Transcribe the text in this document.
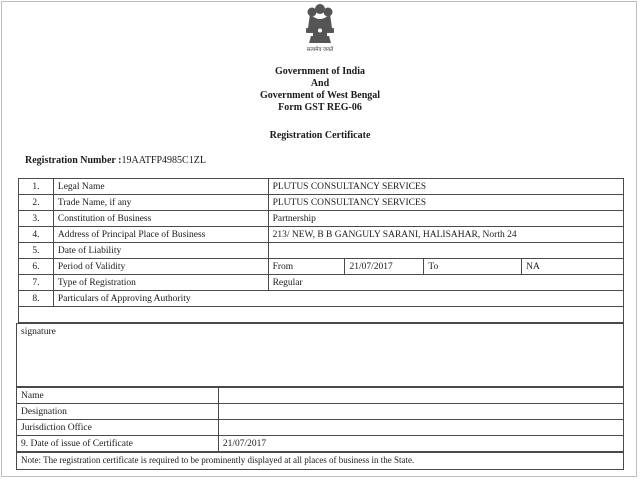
सत्यमेव जयते
Government of India
And
Government of West Bengal
Form GST REG-06
Registration Certificate
Registration Number :19AATFP4985C1ZL
1.	Legal Name	PLUTUS CONSULTANCY SERVICES			
2.	Trade Name, if any	PLUTUS CONSULTANCY SERVICES			
3.	Constitution of Business	Partnership			
4.	Address of Principal Place of Business	213/ NEW, B B GANGULY SARANI, HALISAHAR, North 24			
5.	Date of Liability				
6.	Period of Validity	From	21/07/2017	To	NA
7.	Type of Registration	Regular			
8.	Particulars of Approving Authority				

signature
Name	
Designation	
Jurisdiction Office	
9. Date of issue of Certificate	21/07/2017
Note: The registration certificate is required to be prominently displayed at all places of business in the State.
